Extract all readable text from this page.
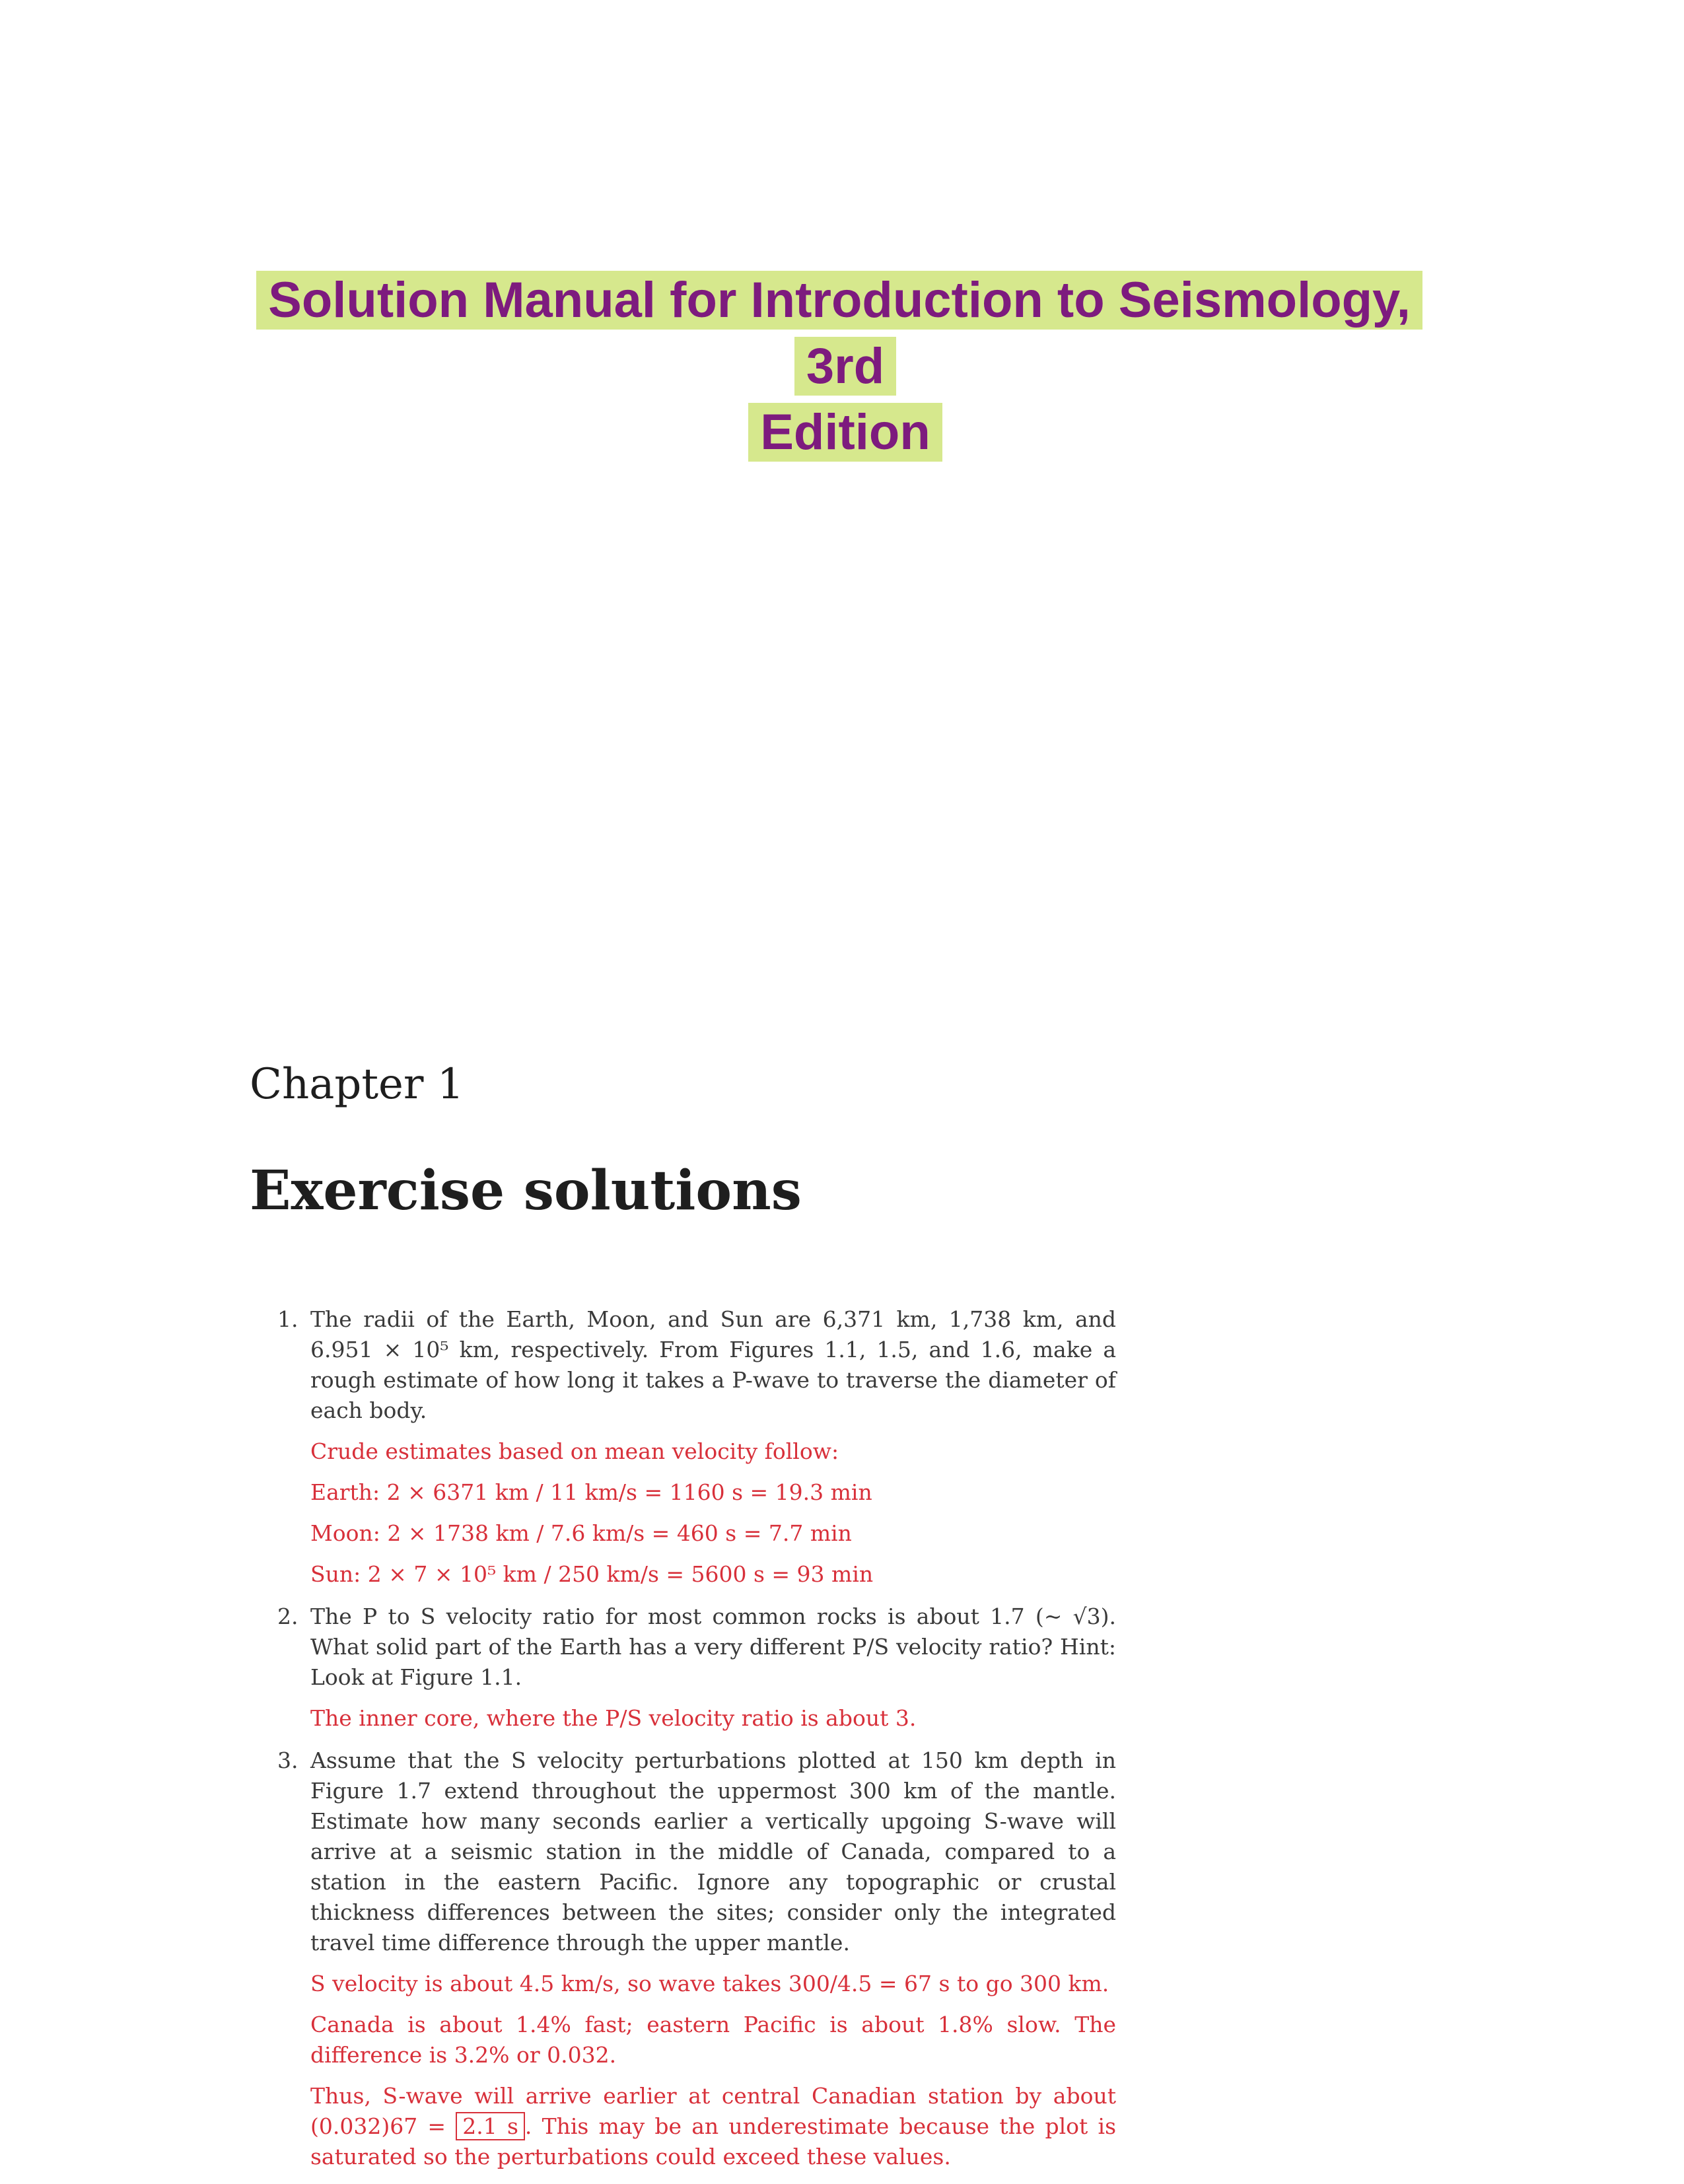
Solution Manual for Introduction to Seismology, 3rd
Edition
Chapter 1
Exercise solutions
1. The radii of the Earth, Moon, and Sun are 6,371 km, 1,738 km, and 6.951 × 10⁵ km, respectively. From Figures 1.1, 1.5, and 1.6, make a rough estimate of how long it takes a P-wave to traverse the diameter of each body.

Crude estimates based on mean velocity follow:

Earth: 2 × 6371 km / 11 km/s = 1160 s = 19.3 min

Moon: 2 × 1738 km / 7.6 km/s = 460 s = 7.7 min

Sun: 2 × 7 × 10⁵ km / 250 km/s = 5600 s = 93 min

2. The P to S velocity ratio for most common rocks is about 1.7 (~ √3). What solid part of the Earth has a very different P/S velocity ratio? Hint: Look at Figure 1.1.

The inner core, where the P/S velocity ratio is about 3.

3. Assume that the S velocity perturbations plotted at 150 km depth in Figure 1.7 extend throughout the uppermost 300 km of the mantle. Estimate how many seconds earlier a vertically upgoing S-wave will arrive at a seismic station in the middle of Canada, compared to a station in the eastern Pacific. Ignore any topographic or crustal thickness differences between the sites; consider only the integrated travel time difference through the upper mantle.

S velocity is about 4.5 km/s, so wave takes 300/4.5 = 67 s to go 300 km.

Canada is about 1.4% fast; eastern Pacific is about 1.8% slow. The difference is 3.2% or 0.032.

Thus, S-wave will arrive earlier at central Canadian station by about (0.032)67 = 2.1 s . This may be an underestimate because the plot is saturated so the perturbations could exceed these values.
